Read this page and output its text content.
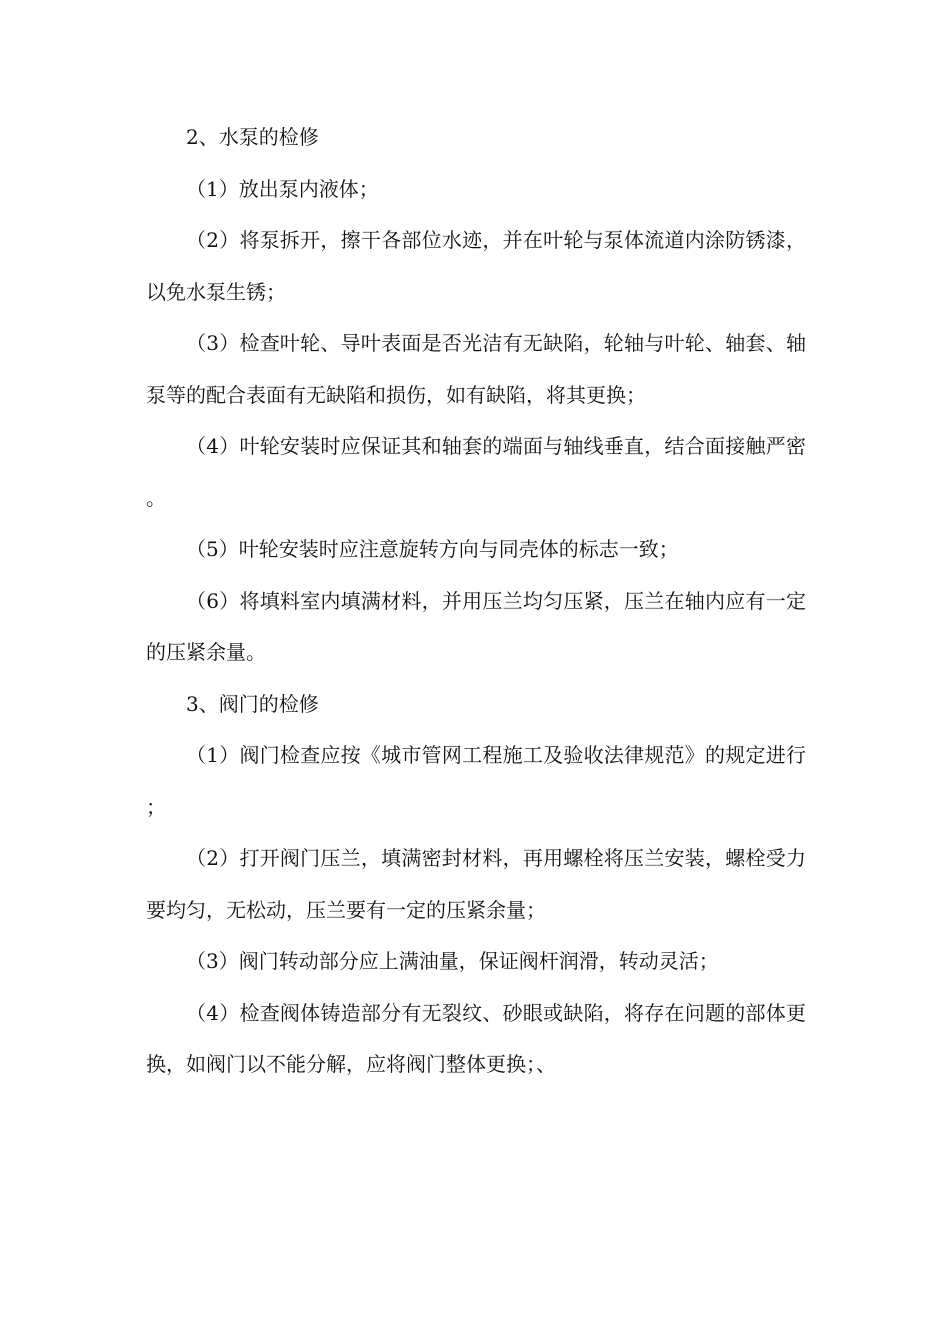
2、水泵的检修

（1）放出泵内液体；

（2）将泵拆开，擦干各部位水迹，并在叶轮与泵体流道内涂防锈漆，以免水泵生锈；

（3）检查叶轮、导叶表面是否光洁有无缺陷，轮轴与叶轮、轴套、轴泵等的配合表面有无缺陷和损伤，如有缺陷，将其更换；

（4）叶轮安装时应保证其和轴套的端面与轴线垂直，结合面接触严密。

（5）叶轮安装时应注意旋转方向与同壳体的标志一致；

（6）将填料室内填满材料，并用压兰均匀压紧，压兰在轴内应有一定的压紧余量。

3、阀门的检修

（1）阀门检查应按《城市管网工程施工及验收法律规范》的规定进行；

（2）打开阀门压兰，填满密封材料，再用螺栓将压兰安装，螺栓受力要均匀，无松动，压兰要有一定的压紧余量；

（3）阀门转动部分应上满油量，保证阀杆润滑，转动灵活；

（4）检查阀体铸造部分有无裂纹、砂眼或缺陷，将存在问题的部体更换，如阀门以不能分解，应将阀门整体更换；、
